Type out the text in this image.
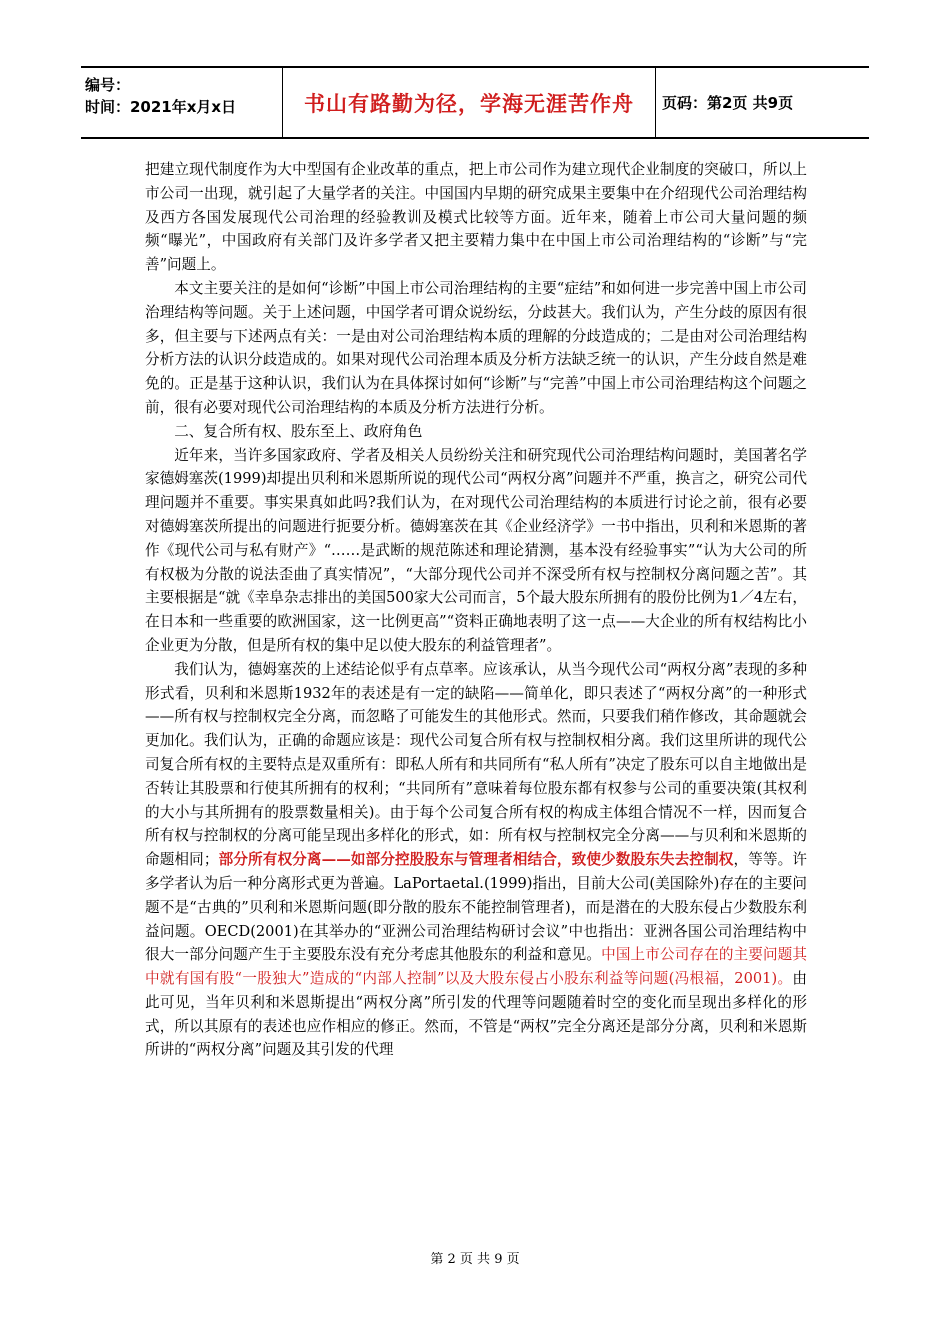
编号：
时间：2021年x月x日	书山有路勤为径，学海无涯苦作舟	页码：第2页 共9页

把建立现代制度作为大中型国有企业改革的重点，把上市公司作为建立现代企业制度的突破口，所以上市公司一出现，就引起了大量学者的关注。中国国内早期的研究成果主要集中在介绍现代公司治理结构及西方各国发展现代公司治理的经验教训及模式比较等方面。近年来，随着上市公司大量问题的频频“曝光”，中国政府有关部门及许多学者又把主要精力集中在中国上市公司治理结构的“诊断”与“完善”问题上。

本文主要关注的是如何“诊断”中国上市公司治理结构的主要“症结”和如何进一步完善中国上市公司治理结构等问题。关于上述问题，中国学者可谓众说纷纭，分歧甚大。我们认为，产生分歧的原因有很多，但主要与下述两点有关：一是由对公司治理结构本质的理解的分歧造成的；二是由对公司治理结构分析方法的认识分歧造成的。如果对现代公司治理本质及分析方法缺乏统一的认识，产生分歧自然是难免的。正是基于这种认识，我们认为在具体探讨如何“诊断”与“完善”中国上市公司治理结构这个问题之前，很有必要对现代公司治理结构的本质及分析方法进行分析。

二、复合所有权、股东至上、政府角色

近年来，当许多国家政府、学者及相关人员纷纷关注和研究现代公司治理结构问题时，美国著名学家德姆塞茨(1999)却提出贝利和米恩斯所说的现代公司“两权分离”问题并不严重，换言之，研究公司代理问题并不重要。事实果真如此吗?我们认为，在对现代公司治理结构的本质进行讨论之前，很有必要对德姆塞茨所提出的问题进行扼要分析。德姆塞茨在其《企业经济学》一书中指出，贝利和米恩斯的著作《现代公司与私有财产》“……是武断的规范陈述和理论猜测，基本没有经验事实”“认为大公司的所有权极为分散的说法歪曲了真实情况”，“大部分现代公司并不深受所有权与控制权分离问题之苦”。其主要根据是“就《幸阜杂志排出的美国500家大公司而言，5个最大股东所拥有的股份比例为1／4左右，在日本和一些重要的欧洲国家，这一比例更高”“资料正确地表明了这一点——大企业的所有权结构比小企业更为分散，但是所有权的集中足以使大股东的利益管理者”。

我们认为，德姆塞茨的上述结论似乎有点草率。应该承认，从当今现代公司“两权分离”表现的多种形式看，贝利和米恩斯1932年的表述是有一定的缺陷——简单化，即只表述了“两权分离”的一种形式——所有权与控制权完全分离，而忽略了可能发生的其他形式。然而，只要我们稍作修改，其命题就会更加化。我们认为，正确的命题应该是：现代公司复合所有权与控制权相分离。我们这里所讲的现代公司复合所有权的主要特点是双重所有：即私人所有和共同所有“私人所有”决定了股东可以自主地做出是否转让其股票和行使其所拥有的权利；“共同所有”意味着每位股东都有权参与公司的重要决策(其权利的大小与其所拥有的股票数量相关)。由于每个公司复合所有权的构成主体组合情况不一样，因而复合所有权与控制权的分离可能呈现出多样化的形式，如：所有权与控制权完全分离——与贝利和米恩斯的命题相同；部分所有权分离——如部分控股股东与管理者相结合，致使少数股东失去控制权，等等。许多学者认为后一种分离形式更为普遍。LaPortaetal.(1999)指出，目前大公司(美国除外)存在的主要问题不是“古典的”贝利和米恩斯问题(即分散的股东不能控制管理者)，而是潜在的大股东侵占少数股东利益问题。OECD(2001)在其举办的“亚洲公司治理结构研讨会议”中也指出：亚洲各国公司治理结构中很大一部分问题产生于主要股东没有充分考虑其他股东的利益和意见。中国上市公司存在的主要问题其中就有国有股“一股独大”造成的“内部人控制”以及大股东侵占小股东利益等问题(冯根福，2001)。由此可见，当年贝利和米恩斯提出“两权分离”所引发的代理等问题随着时空的变化而呈现出多样化的形式，所以其原有的表述也应作相应的修正。然而，不管是“两权”完全分离还是部分分离，贝利和米恩斯所讲的“两权分离”问题及其引发的代理

第 2 页 共 9 页
